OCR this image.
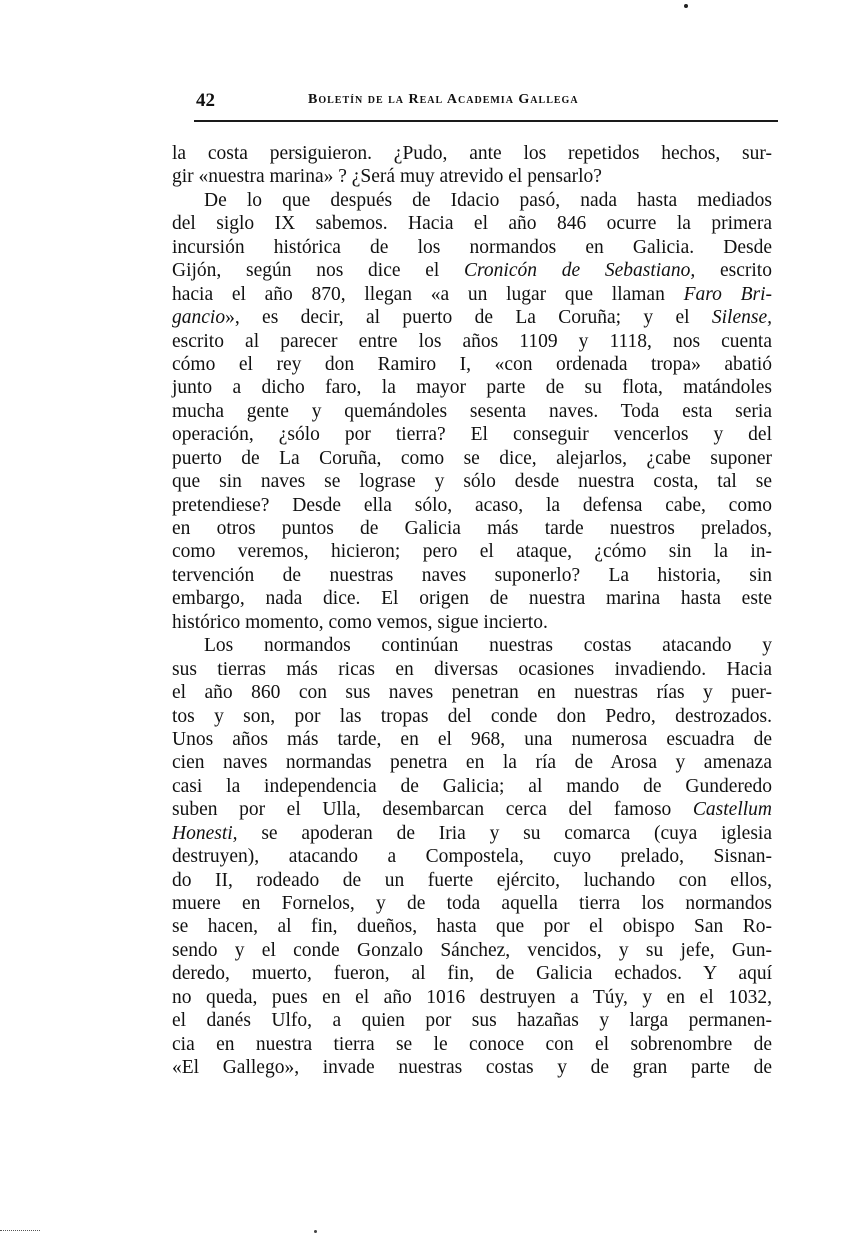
42	Boletín de la Real Academia Gallega
la costa persiguieron. ¿Pudo, ante los repetidos hechos, sur-
gir «nuestra marina» ? ¿Será muy atrevido el pensarlo?
De lo que después de Idacio pasó, nada hasta mediados
del siglo IX sabemos. Hacia el año 846 ocurre la primera
incursión histórica de los normandos en Galicia. Desde
Gijón, según nos dice el Cronicón de Sebastiano, escrito
hacia el año 870, llegan «a un lugar que llaman Faro Bri-
gancio», es decir, al puerto de La Coruña; y el Silense,
escrito al parecer entre los años 1109 y 1118, nos cuenta
cómo el rey don Ramiro I, «con ordenada tropa» abatió
junto a dicho faro, la mayor parte de su flota, matándoles
mucha gente y quemándoles sesenta naves. Toda esta seria
operación, ¿sólo por tierra? El conseguir vencerlos y del
puerto de La Coruña, como se dice, alejarlos, ¿cabe suponer
que sin naves se lograse y sólo desde nuestra costa, tal se
pretendiese? Desde ella sólo, acaso, la defensa cabe, como
en otros puntos de Galicia más tarde nuestros prelados,
como veremos, hicieron; pero el ataque, ¿cómo sin la in-
tervención de nuestras naves suponerlo? La historia, sin
embargo, nada dice. El origen de nuestra marina hasta este
histórico momento, como vemos, sigue incierto.
Los normandos continúan nuestras costas atacando y
sus tierras más ricas en diversas ocasiones invadiendo. Hacia
el año 860 con sus naves penetran en nuestras rías y puer-
tos y son, por las tropas del conde don Pedro, destrozados.
Unos años más tarde, en el 968, una numerosa escuadra de
cien naves normandas penetra en la ría de Arosa y amenaza
casi la independencia de Galicia; al mando de Gunderedo
suben por el Ulla, desembarcan cerca del famoso Castellum
Honesti, se apoderan de Iria y su comarca (cuya iglesia
destruyen), atacando a Compostela, cuyo prelado, Sisnan-
do II, rodeado de un fuerte ejército, luchando con ellos,
muere en Fornelos, y de toda aquella tierra los normandos
se hacen, al fin, dueños, hasta que por el obispo San Ro-
sendo y el conde Gonzalo Sánchez, vencidos, y su jefe, Gun-
deredo, muerto, fueron, al fin, de Galicia echados. Y aquí
no queda, pues en el año 1016 destruyen a Túy, y en el 1032,
el danés Ulfo, a quien por sus hazañas y larga permanen-
cia en nuestra tierra se le conoce con el sobrenombre de
«El Gallego», invade nuestras costas y de gran parte de
